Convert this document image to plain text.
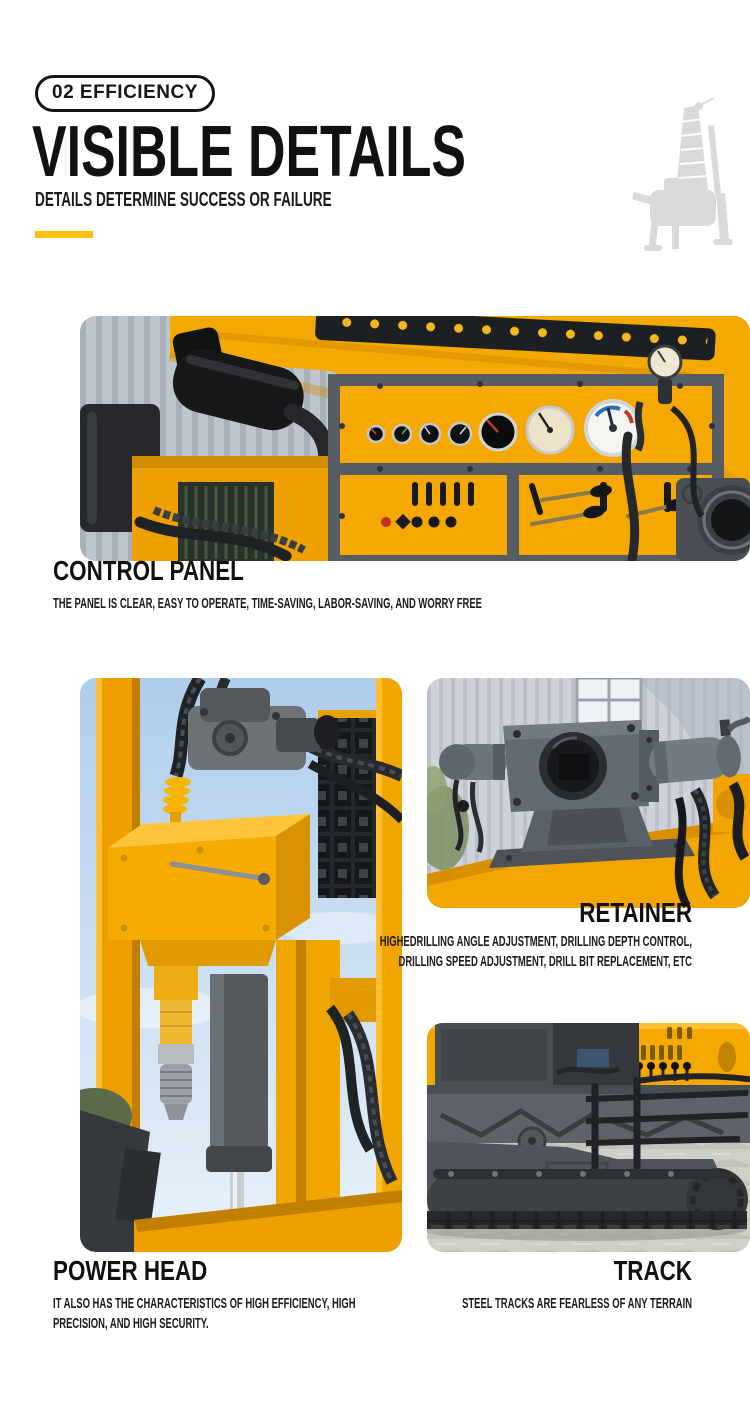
02 EFFICIENCY
VISIBLE DETAILS

DETAILS DETERMINE SUCCESS OR FAILURE

CONTROL PANEL

THE PANEL IS CLEAR, EASY TO OPERATE, TIME-SAVING, LABOR-SAVING, AND WORRY FREE

RETAINER

HIGHEDRILLING ANGLE ADJUSTMENT, DRILLING DEPTH CONTROL, DRILLING SPEED ADJUSTMENT, DRILL BIT REPLACEMENT, ETC

POWER HEAD

IT ALSO HAS THE CHARACTERISTICS OF HIGH EFFICIENCY, HIGH PRECISION, AND HIGH SECURITY.

TRACK

STEEL TRACKS ARE FEARLESS OF ANY TERRAIN
